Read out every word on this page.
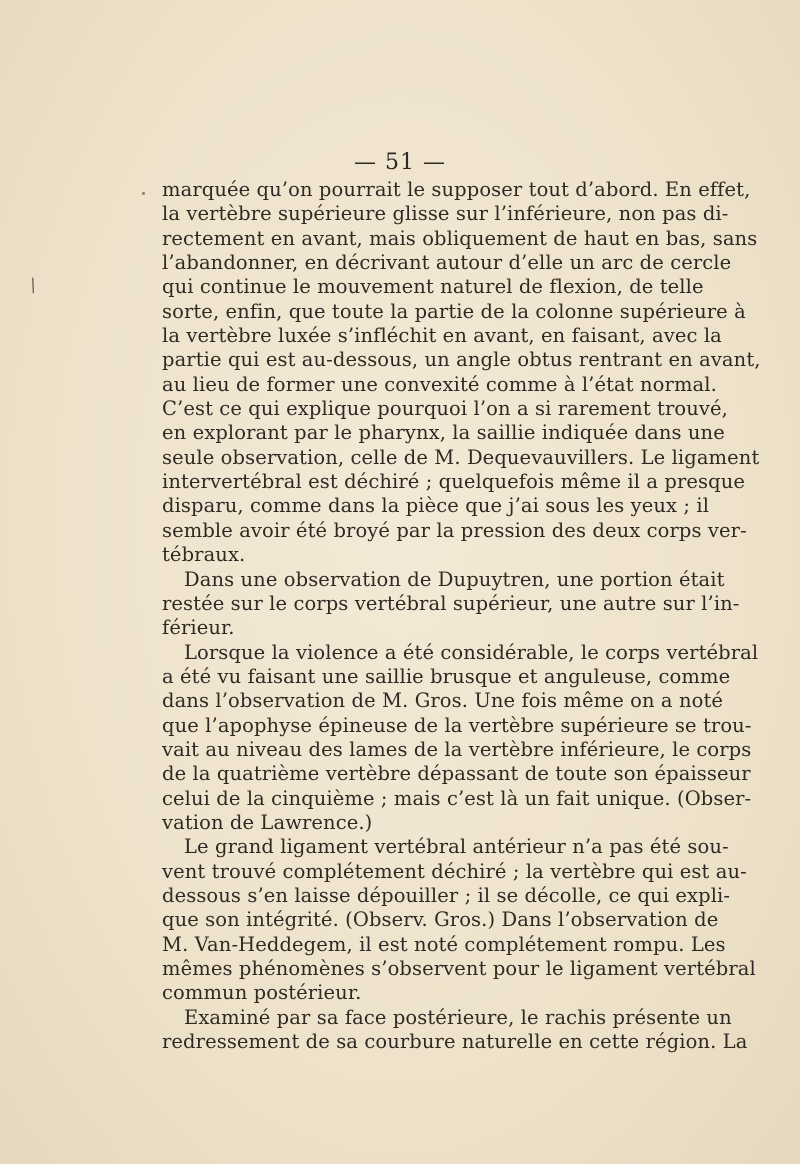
/
— 51 —
marquée qu’on pourrait le supposer tout d’abord. En effet,
la vertèbre supérieure glisse sur l’inférieure, non pas di-
rectement en avant, mais obliquement de haut en bas, sans
l’abandonner, en décrivant autour d’elle un arc de cercle
qui continue le mouvement naturel de flexion, de telle
sorte, enfin, que toute la partie de la colonne supérieure à
la vertèbre luxée s’infléchit en avant, en faisant, avec la
partie qui est au-dessous, un angle obtus rentrant en avant,
au lieu de former une convexité comme à l’état normal.
C’est ce qui explique pourquoi l’on a si rarement trouvé,
en explorant par le pharynx, la saillie indiquée dans une
seule observation, celle de M. Dequevauvillers. Le ligament
intervertébral est déchiré ; quelquefois même il a presque
disparu, comme dans la pièce que j’ai sous les yeux ; il
semble avoir été broyé par la pression des deux corps ver-
tébraux.
Dans une observation de Dupuytren, une portion était
restée sur le corps vertébral supérieur, une autre sur l’in-
férieur.
Lorsque la violence a été considérable, le corps vertébral
a été vu faisant une saillie brusque et anguleuse, comme
dans l’observation de M. Gros. Une fois même on a noté
que l’apophyse épineuse de la vertèbre supérieure se trou-
vait au niveau des lames de la vertèbre inférieure, le corps
de la quatrième vertèbre dépassant de toute son épaisseur
celui de la cinquième ; mais c’est là un fait unique. (Obser-
vation de Lawrence.)
Le grand ligament vertébral antérieur n’a pas été sou-
vent trouvé complétement déchiré ; la vertèbre qui est au-
dessous s’en laisse dépouiller ; il se décolle, ce qui expli-
que son intégrité. (Observ. Gros.) Dans l’observation de
M. Van-Heddegem, il est noté complétement rompu. Les
mêmes phénomènes s’observent pour le ligament vertébral
commun postérieur.
Examiné par sa face postérieure, le rachis présente un
redressement de sa courbure naturelle en cette région. La
